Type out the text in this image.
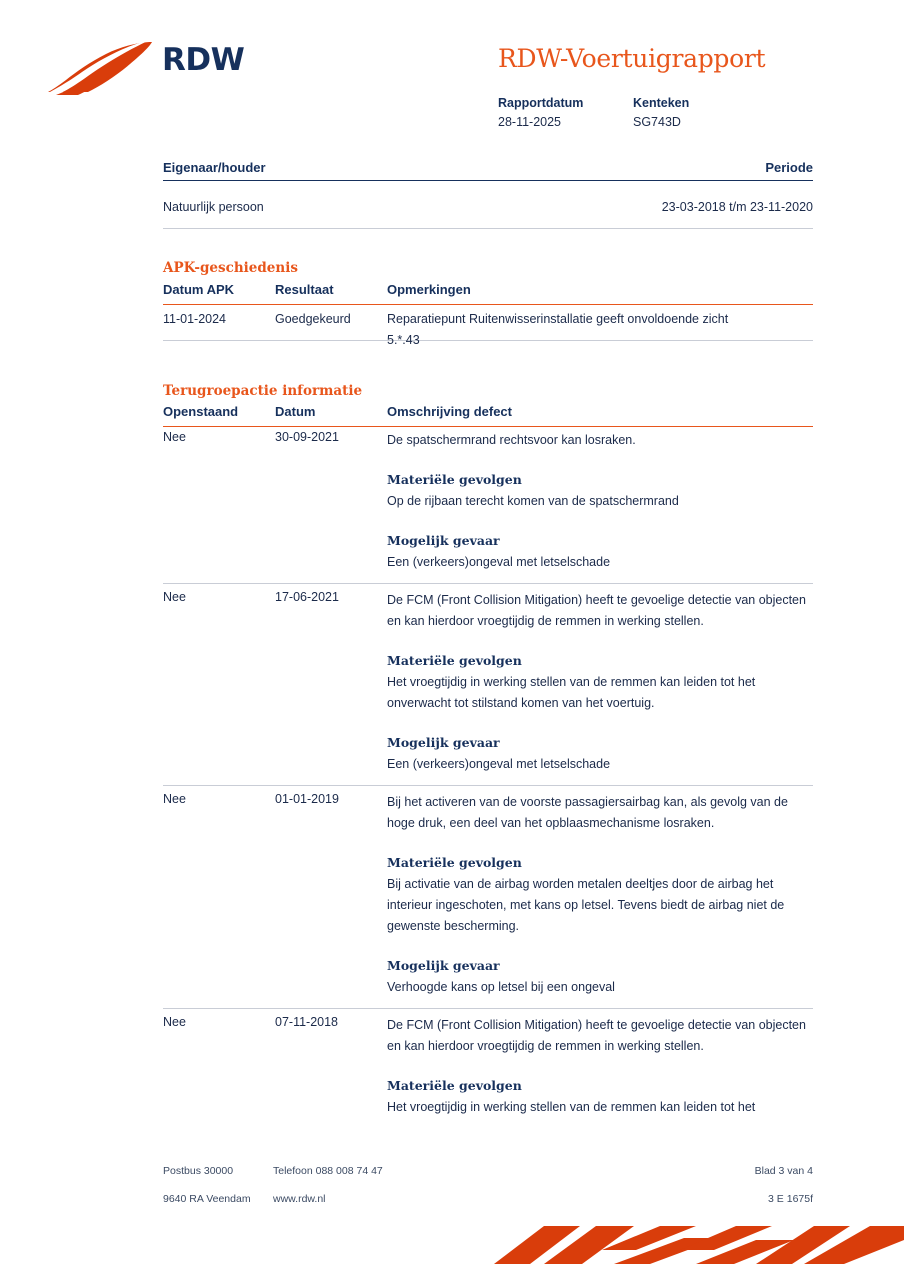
RDW	RDW-Voertuigrapport
Rapportdatum	Kenteken
28-11-2025	SG743D
Eigenaar/houder	Periode
Natuurlijk persoon	23-03-2018 t/m 23-11-2020
APK-geschiedenis
Datum APK	Resultaat	Opmerkingen
11-01-2024	Goedgekeurd	Reparatiepunt Ruitenwisserinstallatie geeft onvoldoende zicht
5.*.43
Terugroepactie informatie
Openstaand	Datum	Omschrijving defect
Nee	30-09-2021	De spatschermrand rechtsvoor kan losraken.

Materiële gevolgen

Op de rijbaan terecht komen van de spatschermrand

Mogelijk gevaar

Een (verkeers)ongeval met letselschade

Nee	17-06-2021	De FCM (Front Collision Mitigation) heeft te gevoelige detectie van objecten en kan hierdoor vroegtijdig de remmen in werking stellen.

Materiële gevolgen

Het vroegtijdig in werking stellen van de remmen kan leiden tot het onverwacht tot stilstand komen van het voertuig.

Mogelijk gevaar

Een (verkeers)ongeval met letselschade

Nee	01-01-2019	Bij het activeren van de voorste passagiersairbag kan, als gevolg van de hoge druk, een deel van het opblaasmechanisme losraken.

Materiële gevolgen

Bij activatie van de airbag worden metalen deeltjes door de airbag het interieur ingeschoten, met kans op letsel. Tevens biedt de airbag niet de gewenste bescherming.

Mogelijk gevaar

Verhoogde kans op letsel bij een ongeval

Nee	07-11-2018	De FCM (Front Collision Mitigation) heeft te gevoelige detectie van objecten en kan hierdoor vroegtijdig de remmen in werking stellen.

Materiële gevolgen

Het vroegtijdig in werking stellen van de remmen kan leiden tot het

Postbus 30000	Telefoon 088 008 74 47	Blad 3 van 4
9640 RA Veendam www.rdw.nl	3 E 1675f
